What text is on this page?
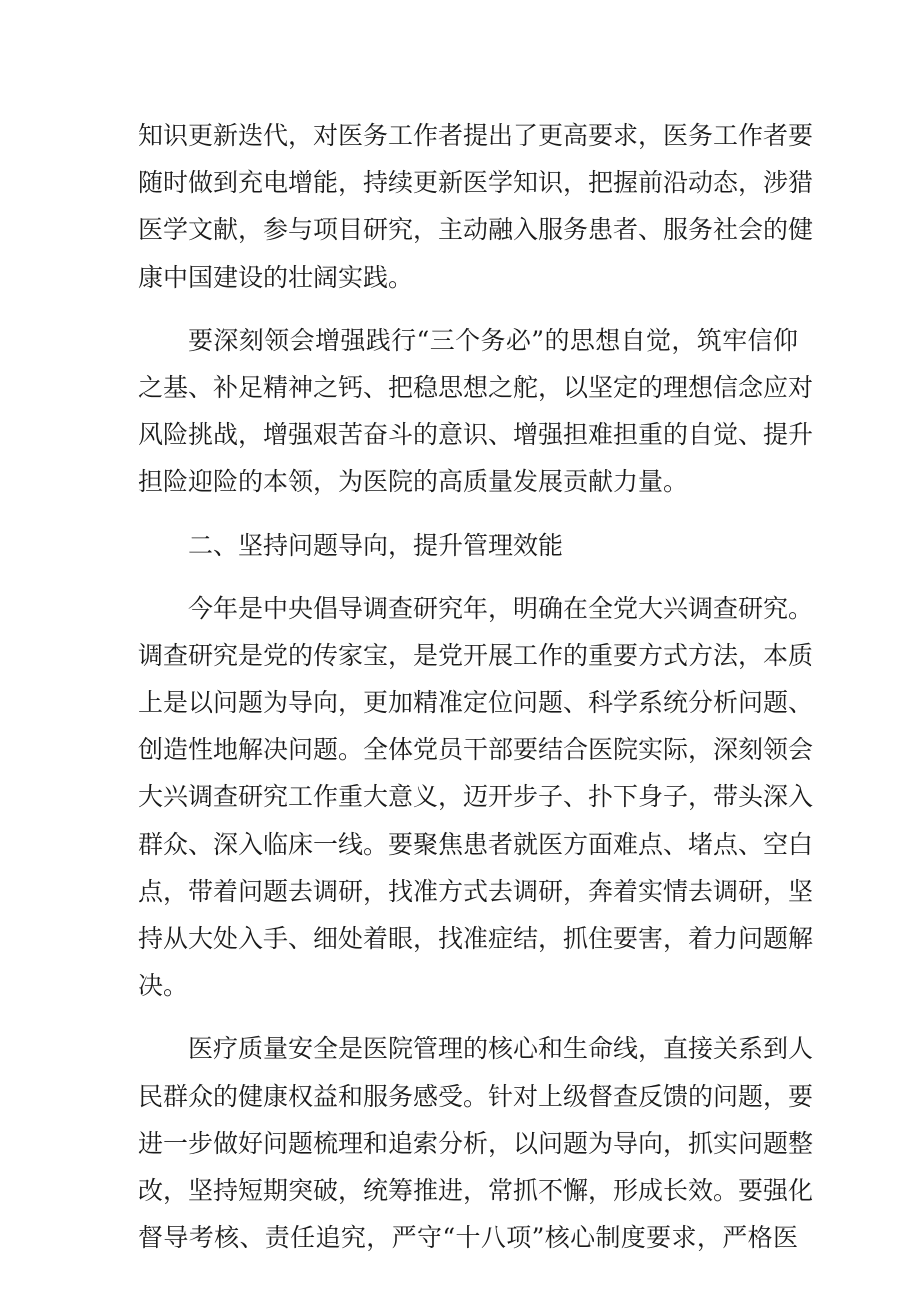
知识更新迭代，对医务工作者提出了更高要求，医务工作者要
随时做到充电增能，持续更新医学知识，把握前沿动态，涉猎
医学文献，参与项目研究，主动融入服务患者、服务社会的健
康中国建设的壮阔实践。
要深刻领会增强践行“三个务必”的思想自觉，筑牢信仰
之基、补足精神之钙、把稳思想之舵，以坚定的理想信念应对
风险挑战，增强艰苦奋斗的意识、增强担难担重的自觉、提升
担险迎险的本领，为医院的高质量发展贡献力量。
二、坚持问题导向，提升管理效能
今年是中央倡导调查研究年，明确在全党大兴调查研究。
调查研究是党的传家宝，是党开展工作的重要方式方法，本质
上是以问题为导向，更加精准定位问题、科学系统分析问题、
创造性地解决问题。全体党员干部要结合医院实际，深刻领会
大兴调查研究工作重大意义，迈开步子、扑下身子，带头深入
群众、深入临床一线。要聚焦患者就医方面难点、堵点、空白
点，带着问题去调研，找准方式去调研，奔着实情去调研，坚
持从大处入手、细处着眼，找准症结，抓住要害，着力问题解
决。
医疗质量安全是医院管理的核心和生命线，直接关系到人
民群众的健康权益和服务感受。针对上级督查反馈的问题，要
进一步做好问题梳理和追索分析，以问题为导向，抓实问题整
改，坚持短期突破，统筹推进，常抓不懈，形成长效。要强化
督导考核、责任追究，严守“十八项”核心制度要求，严格医
